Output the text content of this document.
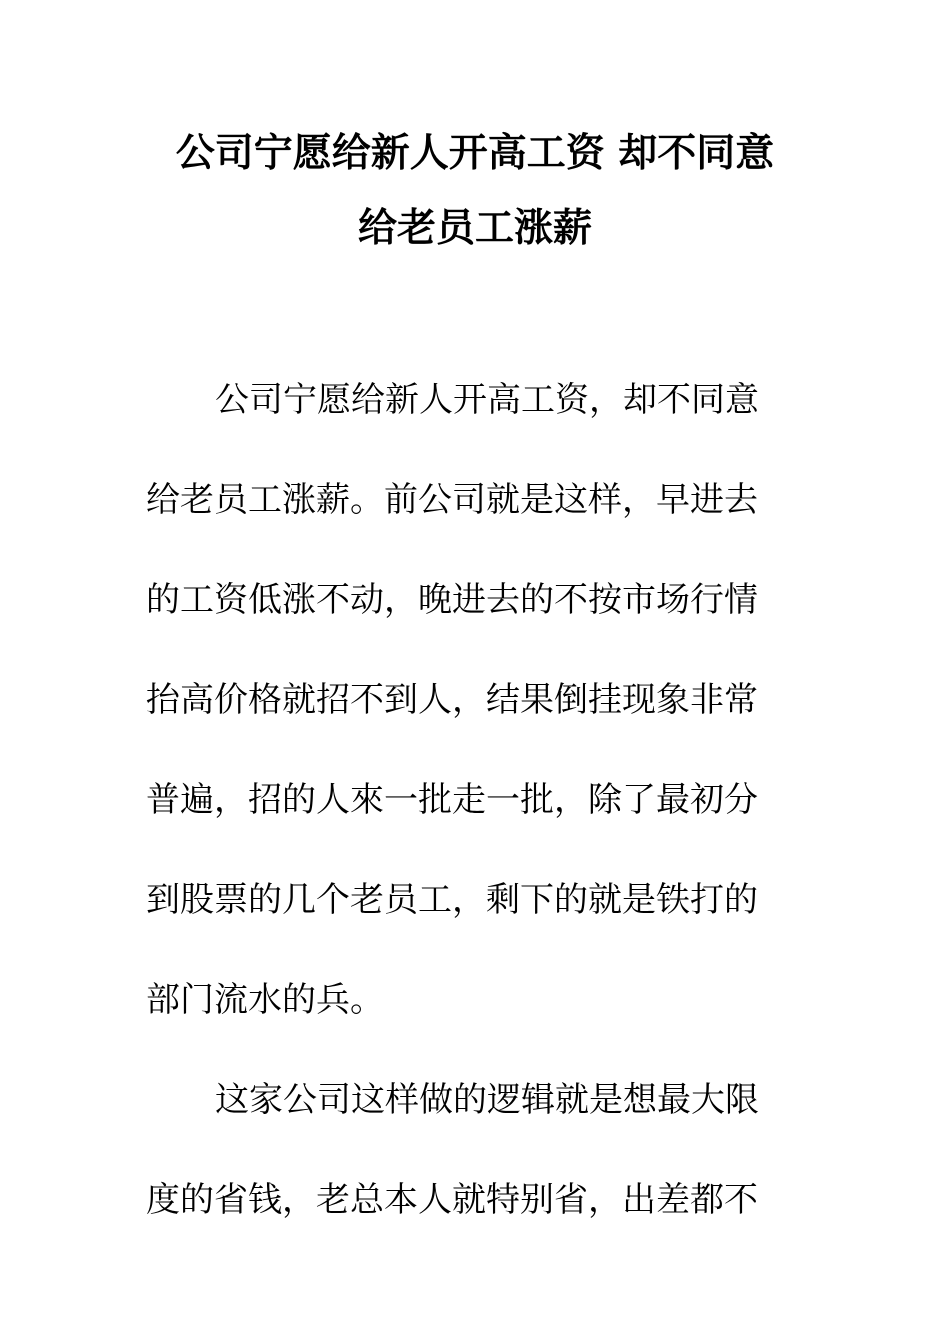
公司宁愿给新人开高工资 却不同意
给老员工涨薪
公司宁愿给新人开高工资，却不同意
给老员工涨薪。前公司就是这样，早进去
的工资低涨不动，晚进去的不按市场行情
抬高价格就招不到人，结果倒挂现象非常
普遍，招的人來一批走一批，除了最初分
到股票的几个老员工，剩下的就是铁打的
部门流水的兵。
这家公司这样做的逻辑就是想最大限
度的省钱，老总本人就特别省，出差都不
